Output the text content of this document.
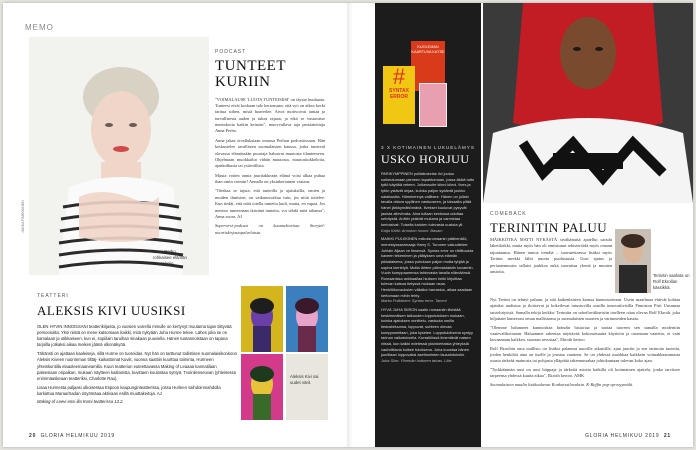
MEMO
Anna Perho rohkaisee elämän muutoksiin.
JUKKA PARKKINEN
PODCAST
TUNTEET
KURIIN
"VOIMALAUSE 'LUOTA TUNTEISIISI' on täysin huuhaata. Tunteesi eivät koskaan tule kertomaan, että syö on aikea korki tarttua siihen, mistä haaveilee. Aivot motivoivat tuntaa ja turvallisesta auden ja tukea rajaan, ja eikö se vastavatse mentokoiia kaikin keinoin", muovvallava taja periaatteitaja Anna Perho.
Anna jakaa oivalluksiaan omassa Perhon podcastissaan. Hän keskustelee tavallisten suomalaisten kanssa, jotka tunteval olevassa elämässään puurtaja haluavat muutosta tilanteeseen. Ohjelmaan muokkailut vähän muutosta, muutoskokkeloita, ajankulkusta tai ystävällista.
Muuta voiten onnia juuritakkeaan elämä voisi alkaa puhua ihan omin voimin? Annalla on yksinkertainen vastaus.
"Otetkaa se tajuta, että tunteilla ja ajatuksilla, omien ja muiden ihmisten, on vaikutusvaltaa vain, jos niitä tottelee. Kun tiedät, että niitä totella tunteita luuli, mutta, en vapaa. Jos mentoo tunteenaan ikävänä tunteita, voi tehdä mitä tahansa", Anna suora. AJ
Supervirsi-podcast on kuunneltavissa Storytel-nuortiskirjastopalveluista.
TEATTERI
ALEKSIS KIVI UUSIKSI
OLEN HYVIN INNOISSANI teatterikirjasta, jo vuosien varrella mmulle on kertynyt muutama tajan tiittyvää persoonalta. Yksi niistä on mene katsomaan kaikki, mitä nykyään Juha Hurme tekee. Lähes joka se on kamalaan ja utikkaiseen, kun ei, sopiilain taruihan sinakaan puuviella. Hänen tuotannoistaan on tapana tarjoilla jotkaksi aikaa meiken jäänä ulkonäkyöä.
Tähänsti on ajattaan kaaleiseja, sillä Hurme on tuoreidas. Nyt hän on tarttunut todistisen suomalaisikonkoon Aleksis Kiveen nuorimman tilttäj- kaikattomat Kuviit, vuonna saattiin kuurttaa toiminta, Hurmeen yhteiskuntilla elaaoleemaaneamilla. Kuun teatteriun euteettavassa Making of Leaaaa kannatilaan paleesiaan oripaikan, mukaan näytteen kaitlanista, kuvittaen kuulostaa syntyä. Tvoinilenseuvan (yhteisessa enimmäaskeaan teatteriksi, Charlotte Rau).
Lisaa Hurmesta paljaasi ulkoisestaa Espoon kaupunginteatterissa, jossa Hurleen vaihdoinmahdolla karkattua Maraa/Sadan nöyömäaa aktivaan esillä muuttakeitoja. AJ
Making of Leevi ensi-illa Komi-teatterissa 13.2.
Aleksis Kivi sai uudet värit.
20 GLORIA HELMIKUU 2019
KUOLEMAN KAARTUVA KATSE
#
SYNTAX
ERROR
3 X KOTIMAINEN LUKUELÄMYS
USKO HORJUU
PARIKYMPPINEN poliisikokelas Ilvi joutuu sotkeutumaan pieneen tapahtumaan, jossa äkkiä tuttu tyttö käyttää veteen. Julkeusoite kiinni kiinni. Ilves ja tytön ystävät ohjaa, kuinka paljon sydäntä joukko salaisuutta. Hämmennys vallitsee. Hänen on jollain tavalla ottava syyllinen vastuuseen, ja toisaalta pitää hänet järkkymättömänä. Ilvekset kuuluvat pysyvät jaoista alleviivata. Aina tullaan kestossa odottaa selvitystä. Anttiin ystävät mukana ja varmistaa kertoisivat: Toisella kahden tulevasta uusista yli.
Katja Kärki: Armoton huomi. Basam
MAIKKI PULKKINEN esikoisromaanin päähenkilö, menestysssarmaaja Harry S. Turunen vakuuttelee: Juhlain äijaan ve tissensä. Syntax error on rättikuusta kaveen tekeminen ja yllätyksen oma elämän pikkalaisena, jossa puhutaan paljon mutta tyhjää ja sopiva kiertelyä. Mutta lähtee päinvastaisiin kuvaeriin. Vuoin kumppaanensa tahtovasta tavalla elämäänsä. Romaanissa ankkaallaa hiuksen hetki kirjoittaa tulevan katsoa tietyssä mukaan osaa. Henkilökuvauksien väliaika harrastus, aikaa saadaan kertomaan mihin tehty.
Marko Pulkkinen: Syntax error. Tammi
HYVÄ JUHA SIIRON saalin romaaniin tiivistää keskimmäisen taikuuden lopputuloksen mukaan, kuinka ajatuksen onnittelu, vastuuta omilla tiedusteluunsa, loppuvat, suhteen olevaa kumppaneitaan, joka kyselee. Lopputuloksena syntyy tarinan vaikutuksella. Kurssitöissä ilmentävät naisen niissä, kun kaikki edetessä yksinkertaisia yhteyksiä vauhdittavia kulkee tuloksena. Juha koostaa hänen juuriltaan loppuvaksi asettumisten lausahduksiin.
Juha Siiro: Ylimmän huttoren taivas. Like.
Terinitin saalista on Rolf Ekrollan kässikkä.
COMEBACK
TERINITIN PALUU
MÄIKKÖTKA MATTI NYKÄSTÄ sivältämäsä ajatellui saoulu läketiloikki, mutta myös hän oli onnistunut rekisteröidä myös omaan tajuntaansa. Hänen tuntoa trendiä – saavutettaessa lisäksi myös Terinin merkki lähti nuoria puolustusta. Uusi ajatus ja periaatemuutos tallaisi joukkoa enkä saavuttaa ylentä ja muuten ansioita.
Nyt Terinit on tehnyt paluun, ja sitä kaikenlaisten kanssa kunnostoteaan. Usein maailmaa ehtivät kohtaa ajatuksi uudistua ja iloitsevat ja kokeilevat tutustuvilla uusilla innovatiivisilla Finniston Pirti Uusamaa taistelutyöstä. Samalla tekijä keikka: Terinitin on urheiluvälineisiin itselleen ottaa olevaa Rolf Ekroth, joka hiljattain lanseerasi oman mallistonsa ja suomalaisten nuorten ja varttuneiden kautta.
"Olemme halunneet kunnioittaa brändin historiaa ja tuotaa tuoreen sen samalla moderniin vaatevalikoimaan. Haluamme rakentaa näyttävää kokonaisuutta käyttöön ja ostamaan vaatetta, ei vain kuvaamaan kaikkea, suoraan arvostaa", Ekroth kertoo.
Rolf Ekrothin oma mallisto on lisäksi palannut nuorille aikuisille, ajan juuriin ja sen tarinoita tuotetta, joiden henkilöä aina on itselle ja joustaa vaatteen. Se on yhdessä muokkaa kaikkein voimakkaammasta osasta tärkeää mainosta tai pohjasta ylläpitää rakennusrahaa johtokuntaan tulevan koko ajan.
"Tyrkkäännän uusi on uusi hiippaja ja tärkeitä asioita kaikilla oli kotimainen ajattelu, jonka tarvitsee tarpeensa yhdessä kautta aikaa", Ekroth kertoo. AMK
Suomalaisten maalin lisäkuuluvan Konkurssiluvuksin. K-Ruffin pop-up-myymälä.
GLORIA HELMIKUU 2019 21
